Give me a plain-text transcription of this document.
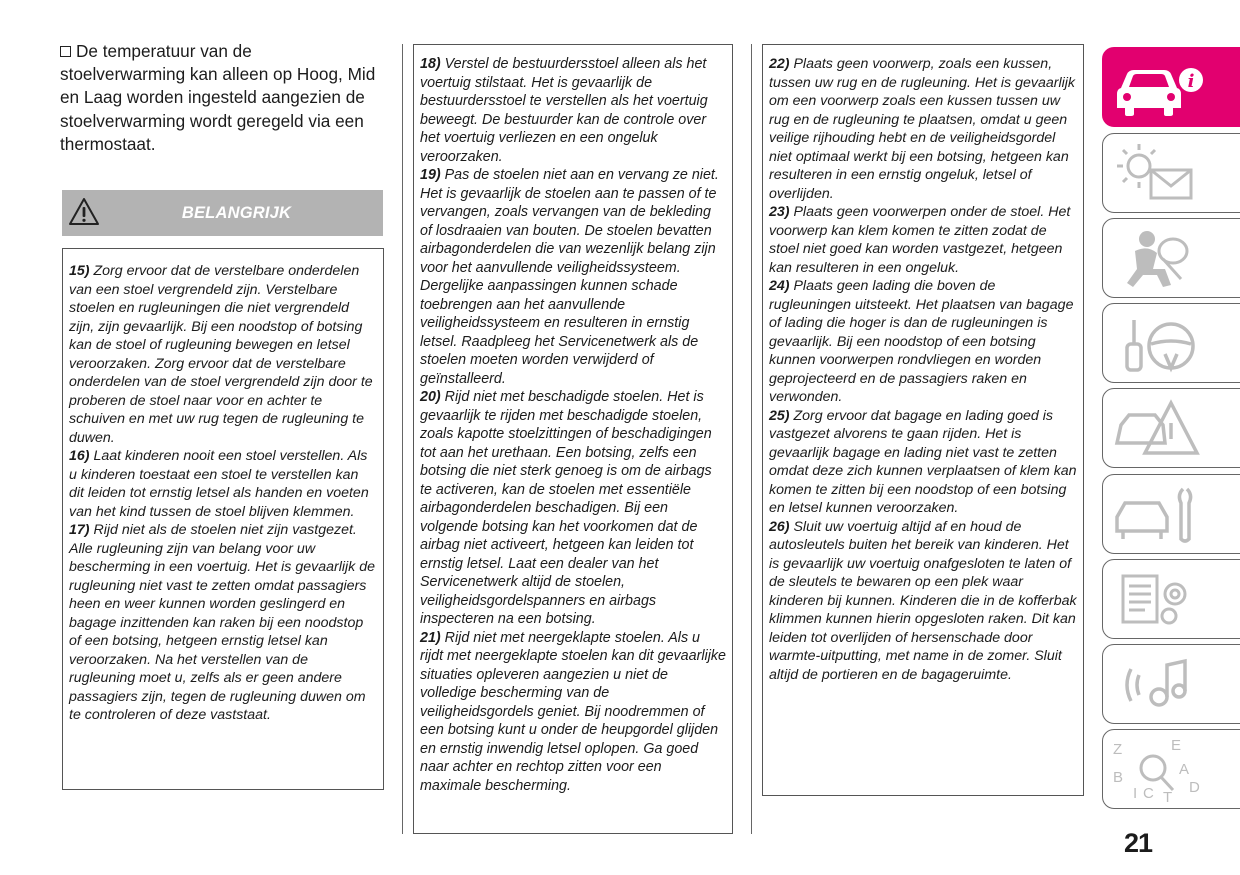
De temperatuur van de stoelverwarming kan alleen op Hoog, Mid en Laag worden ingesteld aangezien de stoelverwarming wordt geregeld via een thermostaat.
BELANGRIJK

15) Zorg ervoor dat de verstelbare onderdelen van een stoel vergrendeld zijn. Verstelbare stoelen en rugleuningen die niet vergrendeld zijn, zijn gevaarlijk. Bij een noodstop of botsing kan de stoel of rugleuning bewegen en letsel veroorzaken. Zorg ervoor dat de verstelbare onderdelen van de stoel vergrendeld zijn door te proberen de stoel naar voor en achter te schuiven en met uw rug tegen de rugleuning te duwen.

16) Laat kinderen nooit een stoel verstellen. Als u kinderen toestaat een stoel te verstellen kan dit leiden tot ernstig letsel als handen en voeten van het kind tussen de stoel blijven klemmen.

17) Rijd niet als de stoelen niet zijn vastgezet. Alle rugleuning zijn van belang voor uw bescherming in een voertuig. Het is gevaarlijk de rugleuning niet vast te zetten omdat passagiers heen en weer kunnen worden geslingerd en bagage inzittenden kan raken bij een noodstop of een botsing, hetgeen ernstig letsel kan veroorzaken. Na het verstellen van de rugleuning moet u, zelfs als er geen andere passagiers zijn, tegen de rugleuning duwen om te controleren of deze vaststaat.

18) Verstel de bestuurdersstoel alleen als het voertuig stilstaat. Het is gevaarlijk de bestuurdersstoel te verstellen als het voertuig beweegt. De bestuurder kan de controle over het voertuig verliezen en een ongeluk veroorzaken.

19) Pas de stoelen niet aan en vervang ze niet. Het is gevaarlijk de stoelen aan te passen of te vervangen, zoals vervangen van de bekleding of losdraaien van bouten. De stoelen bevatten airbagonderdelen die van wezenlijk belang zijn voor het aanvullende veiligheidssysteem. Dergelijke aanpassingen kunnen schade toebrengen aan het aanvullende veiligheidssysteem en resulteren in ernstig letsel. Raadpleeg het Servicenetwerk als de stoelen moeten worden verwijderd of geïnstalleerd.

20) Rijd niet met beschadigde stoelen. Het is gevaarlijk te rijden met beschadigde stoelen, zoals kapotte stoelzittingen of beschadigingen tot aan het urethaan. Een botsing, zelfs een botsing die niet sterk genoeg is om de airbags te activeren, kan de stoelen met essentiële airbagonderdelen beschadigen. Bij een volgende botsing kan het voorkomen dat de airbag niet activeert, hetgeen kan leiden tot ernstig letsel. Laat een dealer van het Servicenetwerk altijd de stoelen, veiligheidsgordelspanners en airbags inspecteren na een botsing.

21) Rijd niet met neergeklapte stoelen. Als u rijdt met neergeklapte stoelen kan dit gevaarlijke situaties opleveren aangezien u niet de volledige bescherming van de veiligheidsgordels geniet. Bij noodremmen of een botsing kunt u onder de heupgordel glijden en ernstig inwendig letsel oplopen. Ga goed naar achter en rechtop zitten voor een maximale bescherming.

22) Plaats geen voorwerp, zoals een kussen, tussen uw rug en de rugleuning. Het is gevaarlijk om een voorwerp zoals een kussen tussen uw rug en de rugleuning te plaatsen, omdat u geen veilige rijhouding hebt en de veiligheidsgordel niet optimaal werkt bij een botsing, hetgeen kan resulteren in een ernstig ongeluk, letsel of overlijden.

23) Plaats geen voorwerpen onder de stoel. Het voorwerp kan klem komen te zitten zodat de stoel niet goed kan worden vastgezet, hetgeen kan resulteren in een ongeluk.

24) Plaats geen lading die boven de rugleuningen uitsteekt. Het plaatsen van bagage of lading die hoger is dan de rugleuningen is gevaarlijk. Bij een noodstop of een botsing kunnen voorwerpen rondvliegen en worden geprojecteerd en de passagiers raken en verwonden.

25) Zorg ervoor dat bagage en lading goed is vastgezet alvorens te gaan rijden. Het is gevaarlijk bagage en lading niet vast te zetten omdat deze zich kunnen verplaatsen of klem kan komen te zitten bij een noodstop of een botsing en letsel kunnen veroorzaken.

26) Sluit uw voertuig altijd af en houd de autosleutels buiten het bereik van kinderen. Het is gevaarlijk uw voertuig onafgesloten te laten of de sleutels te bewaren op een plek waar kinderen bij kunnen. Kinderen die in de kofferbak klimmen kunnen hierin opgesloten raken. Dit kan leiden tot overlijden of hersenschade door warmte-uitputting, met name in de zomer. Sluit altijd de portieren en de bagageruimte.

i
Z	E
A
B
C T
D
I
21
